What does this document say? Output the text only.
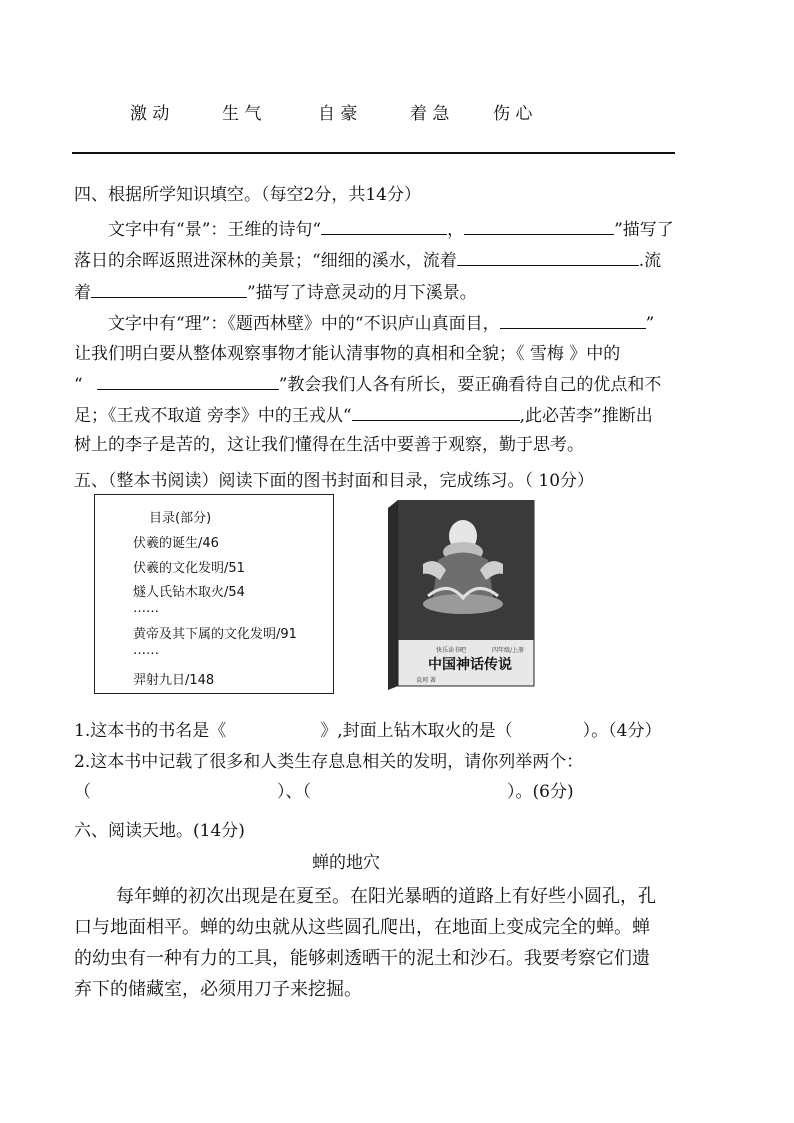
激 动	生 气	自 豪	着 急	伤 心
四、根据所学知识填空。（每空2分，共14分）
文字中有“景”：王维的诗句“	，	”描写了
落日的余晖返照进深林的美景；“细细的溪水，流着	.流
着	”描写了诗意灵动的月下溪景。
文字中有“理”：《题西林壁》中的“不识庐山真面目，	”
让我们明白要从整体观察事物才能认清事物的真相和全貌；《 雪梅 》中的
“	”教会我们人各有所长，要正确看待自己的优点和不
足；《王戎不取道 旁李》中的王戎从“	,此必苦李”推断出
树上的李子是苦的，这让我们懂得在生活中要善于观察，勤于思考。
五、（整本书阅读）阅读下面的图书封面和目录，完成练习。（ 10分）
目录(部分)
伏羲的诞生/46
伏羲的文化发明/51
燧人氏钻木取火/54
……
黄帝及其下属的文化发明/91
……
羿射九日/148
快乐读书吧	四年级/上册
中国神话传说
袁珂 著
1.这本书的书名是《	》,封面上钻木取火的是（	）。（4分）
2.这本书中记载了很多和人类生存息息相关的发明，请你列举两个：
（	）、（	）。(6分)
六、阅读天地。(14分)
蝉的地穴
每年蝉的初次出现是在夏至。在阳光暴晒的道路上有好些小圆孔，孔
口与地面相平。蝉的幼虫就从这些圆孔爬出，在地面上变成完全的蝉。蝉
的幼虫有一种有力的工具，能够刺透晒干的泥土和沙石。我要考察它们遗
弃下的储藏室，必须用刀子来挖掘。
